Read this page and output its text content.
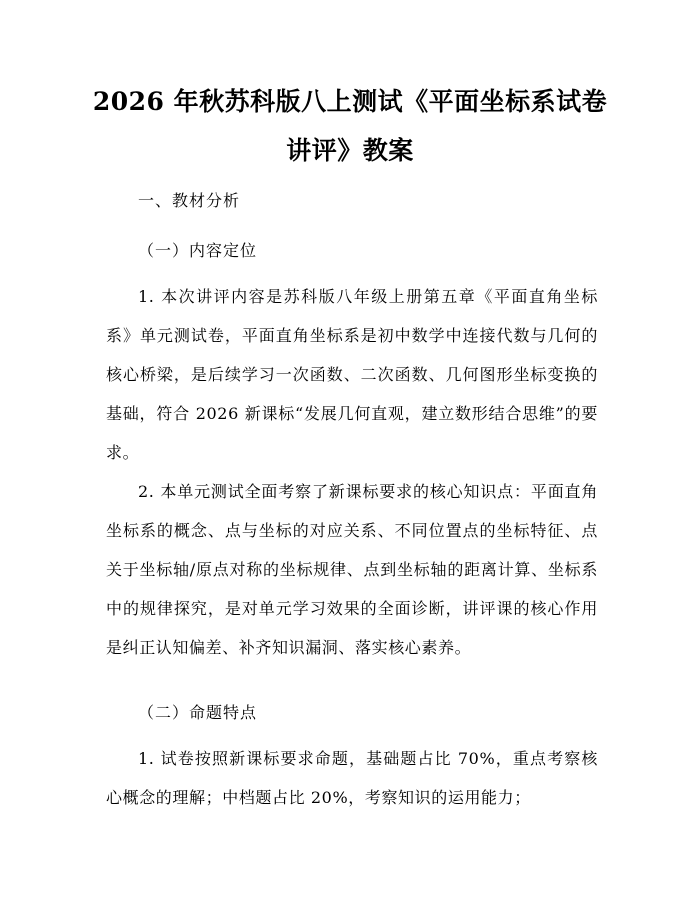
2026 年秋苏科版八上测试《平面坐标系试卷
讲评》教案
一、教材分析
（一）内容定位

1. 本次讲评内容是苏科版八年级上册第五章《平面直角坐标系》单元测试卷，平面直角坐标系是初中数学中连接代数与几何的核心桥梁，是后续学习一次函数、二次函数、几何图形坐标变换的基础，符合 2026 新课标“发展几何直观，建立数形结合思维”的要求。

2. 本单元测试全面考察了新课标要求的核心知识点：平面直角坐标系的概念、点与坐标的对应关系、不同位置点的坐标特征、点关于坐标轴/原点对称的坐标规律、点到坐标轴的距离计算、坐标系中的规律探究，是对单元学习效果的全面诊断，讲评课的核心作用是纠正认知偏差、补齐知识漏洞、落实核心素养。

（二）命题特点

1. 试卷按照新课标要求命题，基础题占比 70%，重点考察核心概念的理解；中档题占比 20%，考察知识的运用能力；
